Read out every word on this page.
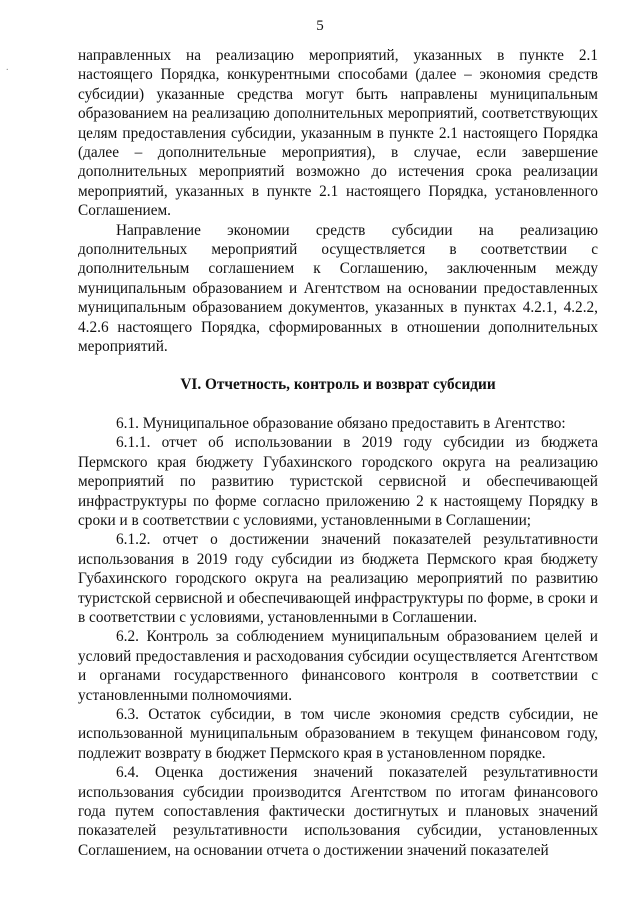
.
5

направленных на реализацию мероприятий, указанных в пункте 2.1 настоящего Порядка, конкурентными способами (далее – экономия средств субсидии) указанные средства могут быть направлены муниципальным образованием на реализацию дополнительных мероприятий, соответствующих целям предоставления субсидии, указанным в пункте 2.1 настоящего Порядка (далее – дополнительные мероприятия), в случае, если завершение дополнительных мероприятий возможно до истечения срока реализации мероприятий, указанных в пункте 2.1 настоящего Порядка, установленного Соглашением.

Направление экономии средств субсидии на реализацию дополнительных мероприятий осуществляется в соответствии с дополнительным соглашением к Соглашению, заключенным между муниципальным образованием и Агентством на основании предоставленных муниципальным образованием документов, указанных в пунктах 4.2.1, 4.2.2, 4.2.6 настоящего Порядка, сформированных в отношении дополнительных мероприятий.

VI. Отчетность, контроль и возврат субсидии

6.1. Муниципальное образование обязано предоставить в Агентство:

6.1.1. отчет об использовании в 2019 году субсидии из бюджета Пермского края бюджету Губахинского городского округа на реализацию мероприятий по развитию туристской сервисной и обеспечивающей инфраструктуры по форме согласно приложению 2 к настоящему Порядку в сроки и в соответствии с условиями, установленными в Соглашении;

6.1.2. отчет о достижении значений показателей результативности использования в 2019 году субсидии из бюджета Пермского края бюджету Губахинского городского округа на реализацию мероприятий по развитию туристской сервисной и обеспечивающей инфраструктуры по форме, в сроки и в соответствии с условиями, установленными в Соглашении.

6.2. Контроль за соблюдением муниципальным образованием целей и условий предоставления и расходования субсидии осуществляется Агентством и органами государственного финансового контроля в соответствии с установленными полномочиями.

6.3. Остаток субсидии, в том числе экономия средств субсидии, не использованной муниципальным образованием в текущем финансовом году, подлежит возврату в бюджет Пермского края в установленном порядке.

6.4. Оценка достижения значений показателей результативности использования субсидии производится Агентством по итогам финансового года путем сопоставления фактически достигнутых и плановых значений показателей результативности использования субсидии, установленных Соглашением, на основании отчета о достижении значений показателей
